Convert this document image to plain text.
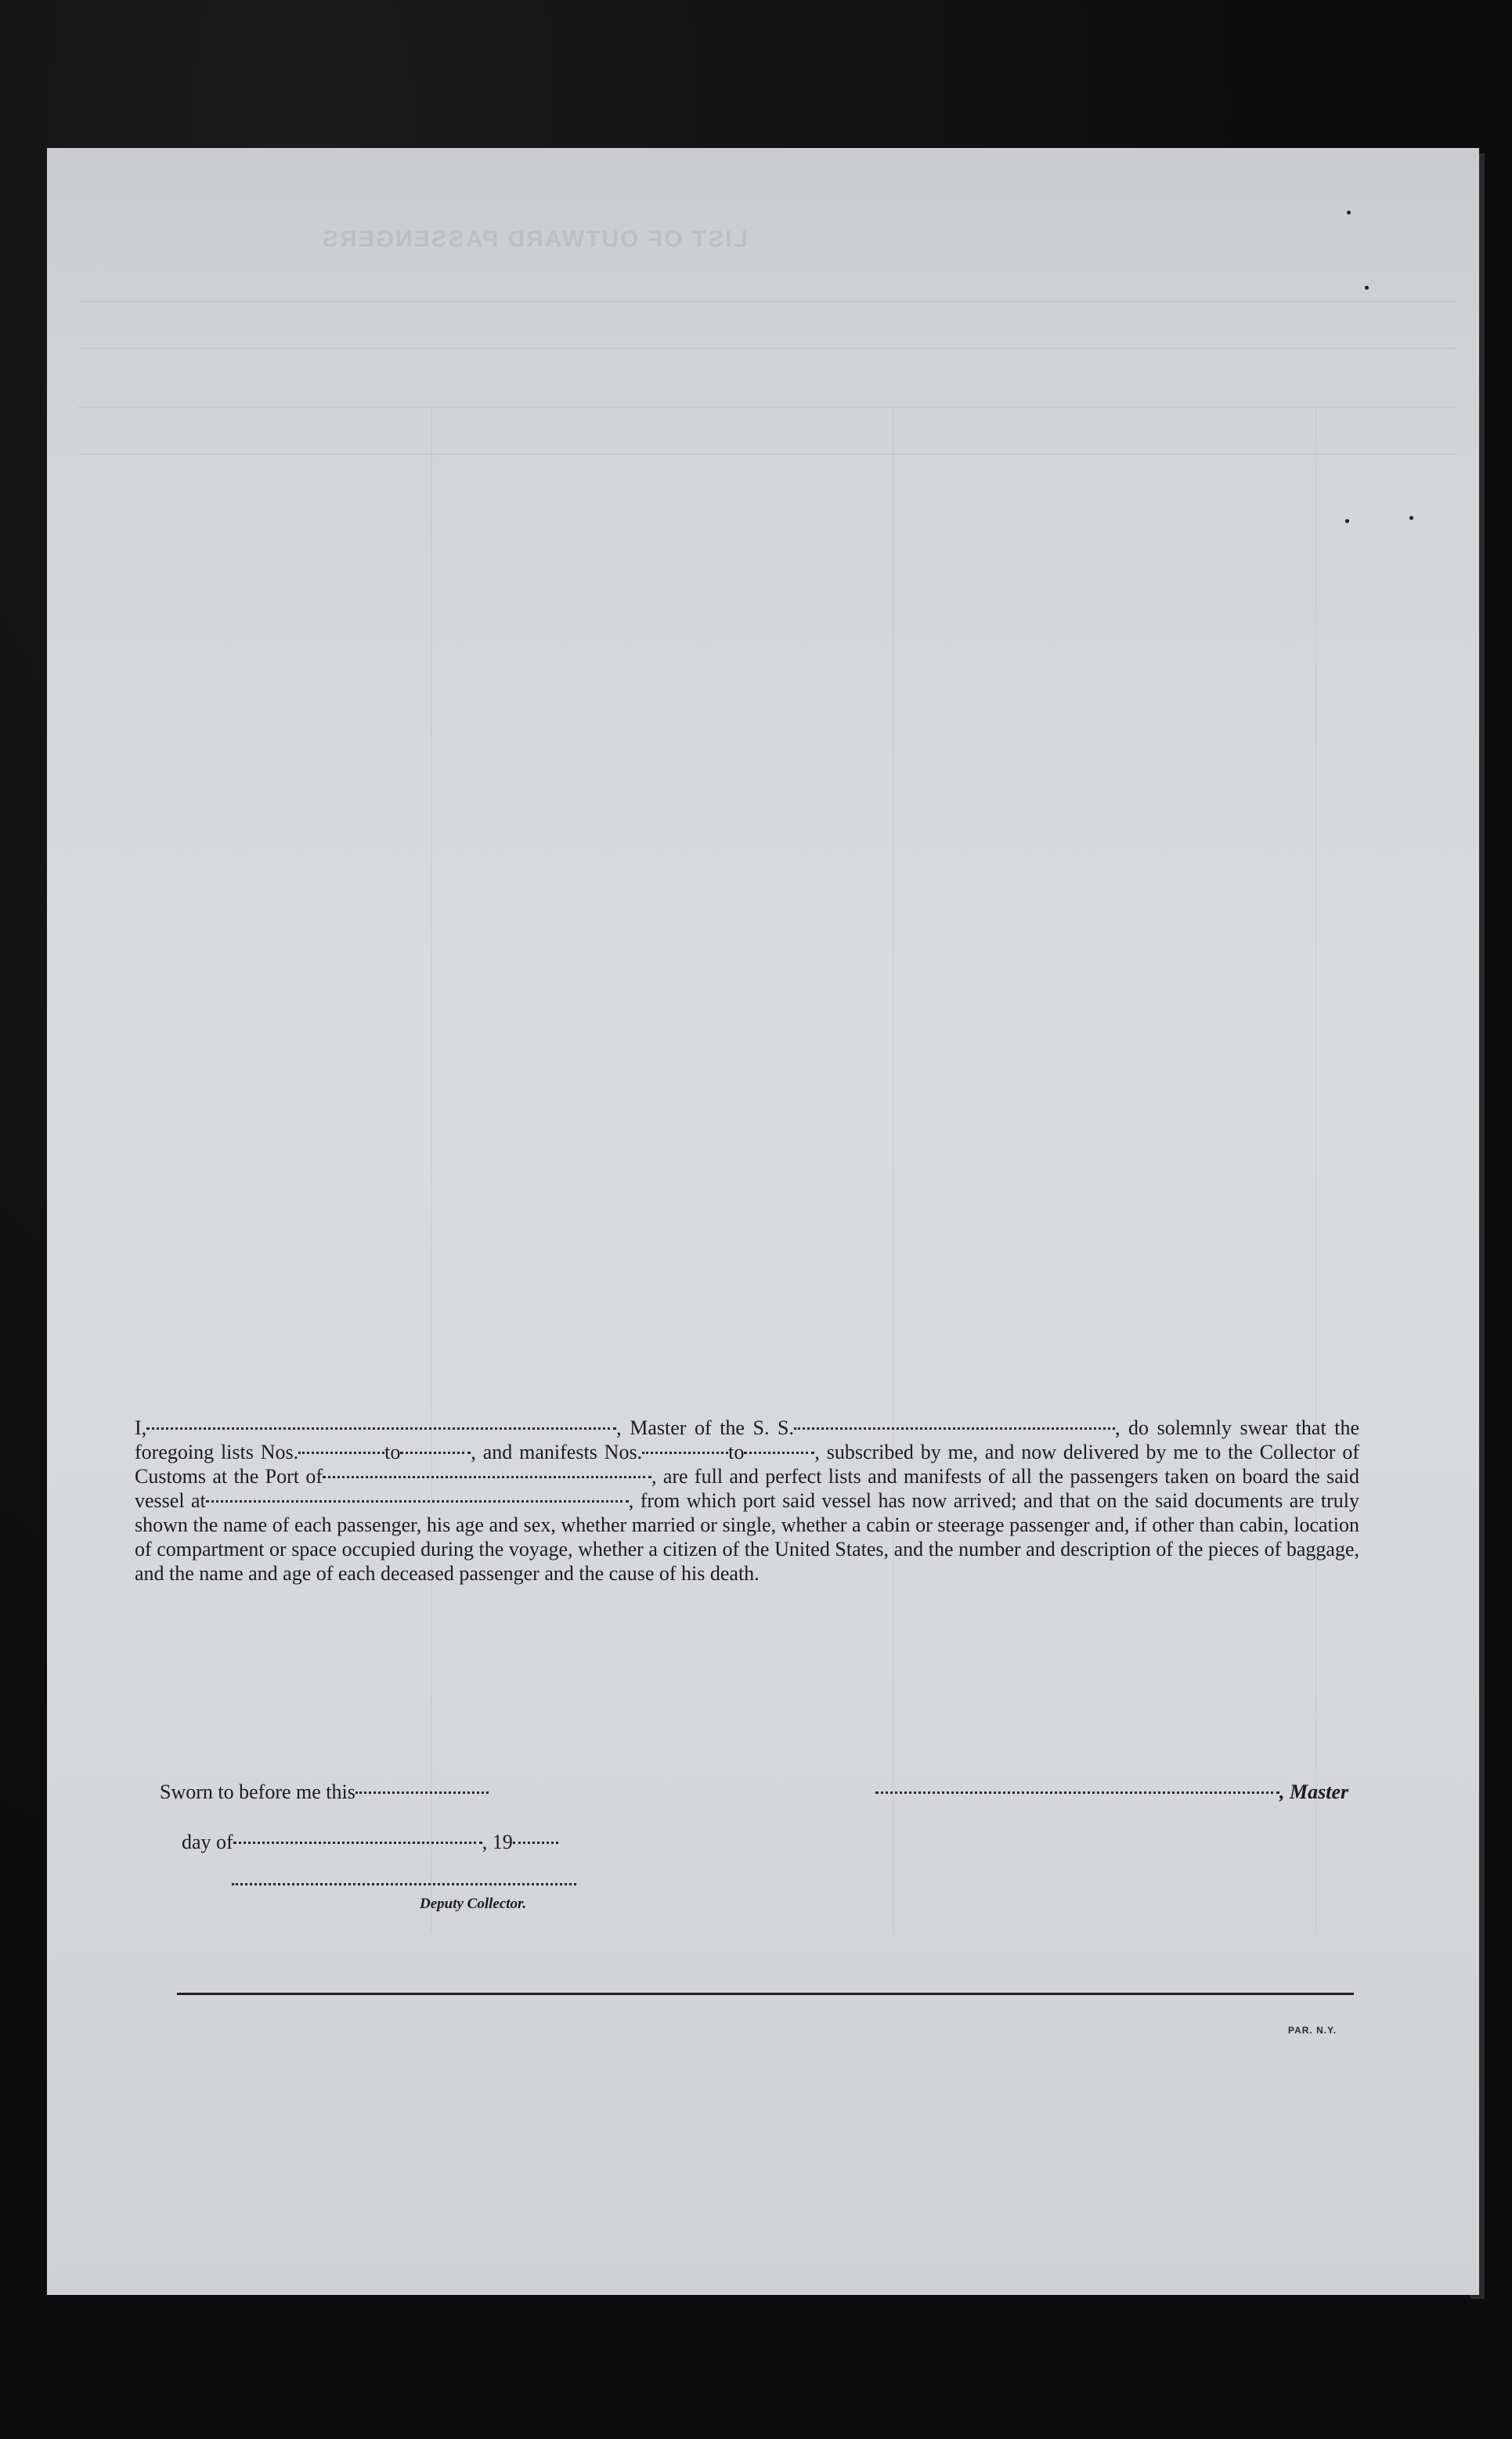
LIST OF OUTWARD PASSENGERS

I,	, Master of the S. S.	, do solemnly swear that the foregoing lists Nos.	to	, and manifests Nos.	to	, subscribed by me, and now delivered by me to the Collector of Customs at the Port of	, are full and perfect lists and manifests of all the passengers taken on board the said vessel at	, from which port said vessel has now arrived; and that on the said documents are truly shown the name of each passenger, his age and sex, whether married or single, whether a cabin or steerage passenger and, if other than cabin, location of compartment or space occupied during the voyage, whether a citizen of the United States, and the number and description of the pieces of baggage, and the name and age of each deceased passenger and the cause of his death.

Sworn to before me this
day of	, 19
, Master
Deputy Collector.
PAR. N.Y.
